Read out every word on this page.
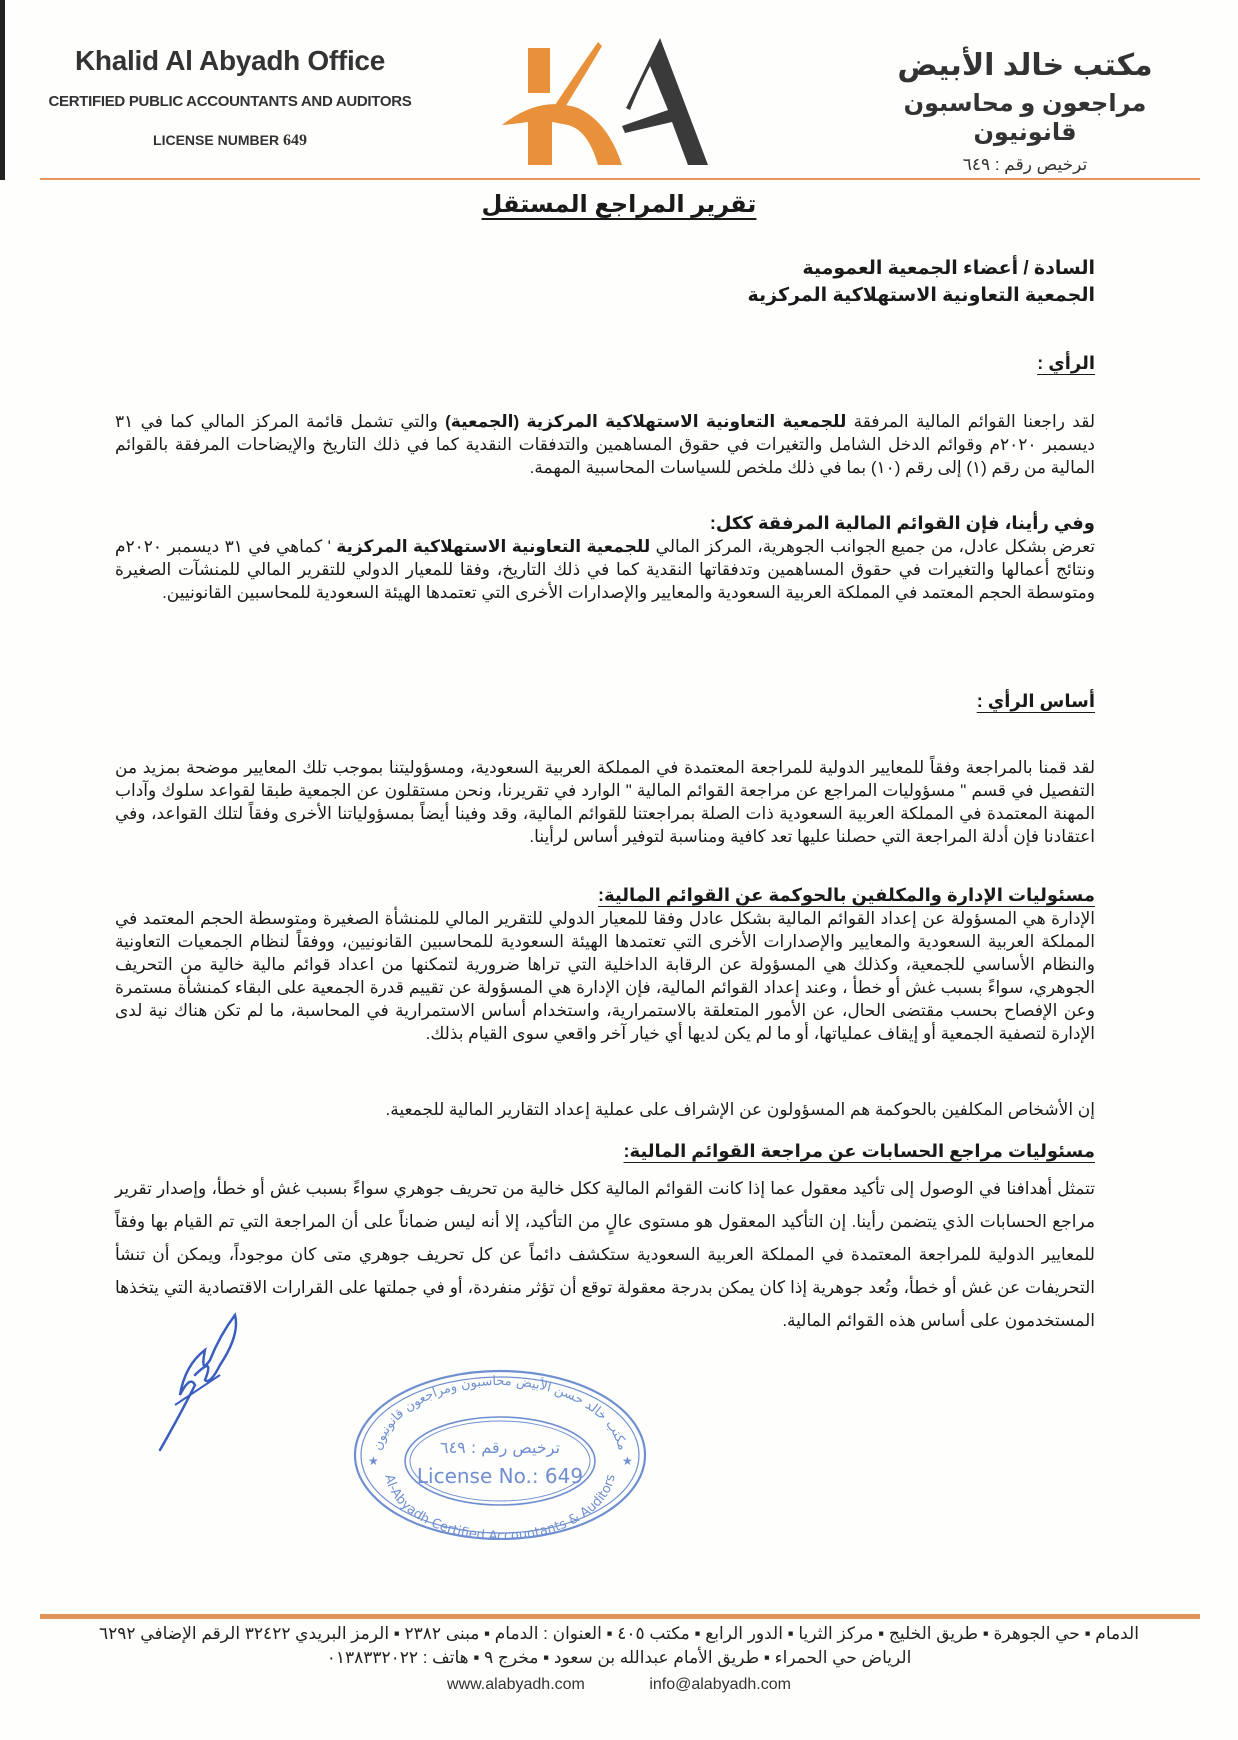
Khalid Al Abyadh Office
CERTIFIED PUBLIC ACCOUNTANTS AND AUDITORS
LICENSE NUMBER 649
مكتب خالد الأبيض
مراجعون و محاسبون قانونيون
ترخيص رقم : ٦٤٩
تقرير المراجع المستقل
السادة / أعضاء الجمعية العمومية
الجمعية التعاونية الاستهلاكية المركزية
الرأي :

لقد راجعنا القوائم المالية المرفقة للجمعية التعاونية الاستهلاكية المركزية (الجمعية) والتي تشمل قائمة المركز المالي كما في ٣١ ديسمبر ٢٠٢٠م وقوائم الدخل الشامل والتغيرات في حقوق المساهمين والتدفقات النقدية كما في ذلك التاريخ والإيضاحات المرفقة بالقوائم المالية من رقم (١) إلى رقم (١٠) بما في ذلك ملخص للسياسات المحاسبية المهمة.

وفي رأينا، فإن القوائم المالية المرفقة ككل:

تعرض بشكل عادل، من جميع الجوانب الجوهرية، المركز المالي للجمعية التعاونية الاستهلاكية المركزية ' كماهي في ٣١ ديسمبر ٢٠٢٠م ونتائج أعمالها والتغيرات في حقوق المساهمين وتدفقاتها النقدية كما في ذلك التاريخ، وفقا للمعيار الدولي للتقرير المالي للمنشآت الصغيرة ومتوسطة الحجم المعتمد في المملكة العربية السعودية والمعايير والإصدارات الأخرى التي تعتمدها الهيئة السعودية للمحاسبين القانونيين.

أساس الرأي :

لقد قمنا بالمراجعة وفقاً للمعايير الدولية للمراجعة المعتمدة في المملكة العربية السعودية، ومسؤوليتنا بموجب تلك المعايير موضحة بمزيد من التفصيل في قسم " مسؤوليات المراجع عن مراجعة القوائم المالية " الوارد في تقريرنا، ونحن مستقلون عن الجمعية طبقا لقواعد سلوك وآداب المهنة المعتمدة في المملكة العربية السعودية ذات الصلة بمراجعتنا للقوائم المالية، وقد وفينا أيضاً بمسؤولياتنا الأخرى وفقاً لتلك القواعد، وفي اعتقادنا فإن أدلة المراجعة التي حصلنا عليها تعد كافية ومناسبة لتوفير أساس لرأينا.

مسئوليات الإدارة والمكلفين بالحوكمة عن القوائم المالية:

الإدارة هي المسؤولة عن إعداد القوائم المالية بشكل عادل وفقا للمعيار الدولي للتقرير المالي للمنشأة الصغيرة ومتوسطة الحجم المعتمد في المملكة العربية السعودية والمعايير والإصدارات الأخرى التي تعتمدها الهيئة السعودية للمحاسبين القانونيين، ووفقاً لنظام الجمعيات التعاونية والنظام الأساسي للجمعية، وكذلك هي المسؤولة عن الرقابة الداخلية التي تراها ضرورية لتمكنها من اعداد قوائم مالية خالية من التحريف الجوهري، سواءً بسبب غش أو خطأ ، وعند إعداد القوائم المالية، فإن الإدارة هي المسؤولة عن تقييم قدرة الجمعية على البقاء كمنشأة مستمرة وعن الإفصاح بحسب مقتضى الحال، عن الأمور المتعلقة بالاستمرارية، واستخدام أساس الاستمرارية في المحاسبة، ما لم تكن هناك نية لدى الإدارة لتصفية الجمعية أو إيقاف عملياتها، أو ما لم يكن لديها أي خيار آخر واقعي سوى القيام بذلك.

إن الأشخاص المكلفين بالحوكمة هم المسؤولون عن الإشراف على عملية إعداد التقارير المالية للجمعية.

مسئوليات مراجع الحسابات عن مراجعة القوائم المالية:

تتمثل أهدافنا في الوصول إلى تأكيد معقول عما إذا كانت القوائم المالية ككل خالية من تحريف جوهري سواءً بسبب غش أو خطأ، وإصدار تقرير مراجع الحسابات الذي يتضمن رأينا. إن التأكيد المعقول هو مستوى عالٍ من التأكيد، إلا أنه ليس ضماناً على أن المراجعة التي تم القيام بها وفقاً للمعايير الدولية للمراجعة المعتمدة في المملكة العربية السعودية ستكشف دائماً عن كل تحريف جوهري متى كان موجوداً، ويمكن أن تنشأ التحريفات عن غش أو خطأ، وتُعد جوهرية إذا كان يمكن بدرجة معقولة توقع أن تؤثر منفردة، أو في جملتها على القرارات الاقتصادية التي يتخذها المستخدمون على أساس هذه القوائم المالية.

مكتب خالد حسن الأبيض محاسبون ومراجعون قانونيون
Al-Abyadh Certified Accountants & Auditors
ترخيص رقم : ٦٤٩
License No.: 649
★	★
الدمام ▪ حي الجوهرة ▪ طريق الخليج ▪ مركز الثريا ▪ الدور الرابع ▪ مكتب ٤٠٥ ▪ العنوان : الدمام ▪ مبنى ٢٣٨٢ ▪ الرمز البريدي ٣٢٤٢٢ الرقم الإضافي ٦٢٩٢
الرياض حي الحمراء ▪ طريق الأمام عبدالله بن سعود ▪ مخرج ٩ ▪ هاتف : ٠١٣٨٣٣٢٠٢٢
www.alabyadh.com	info@alabyadh.com
